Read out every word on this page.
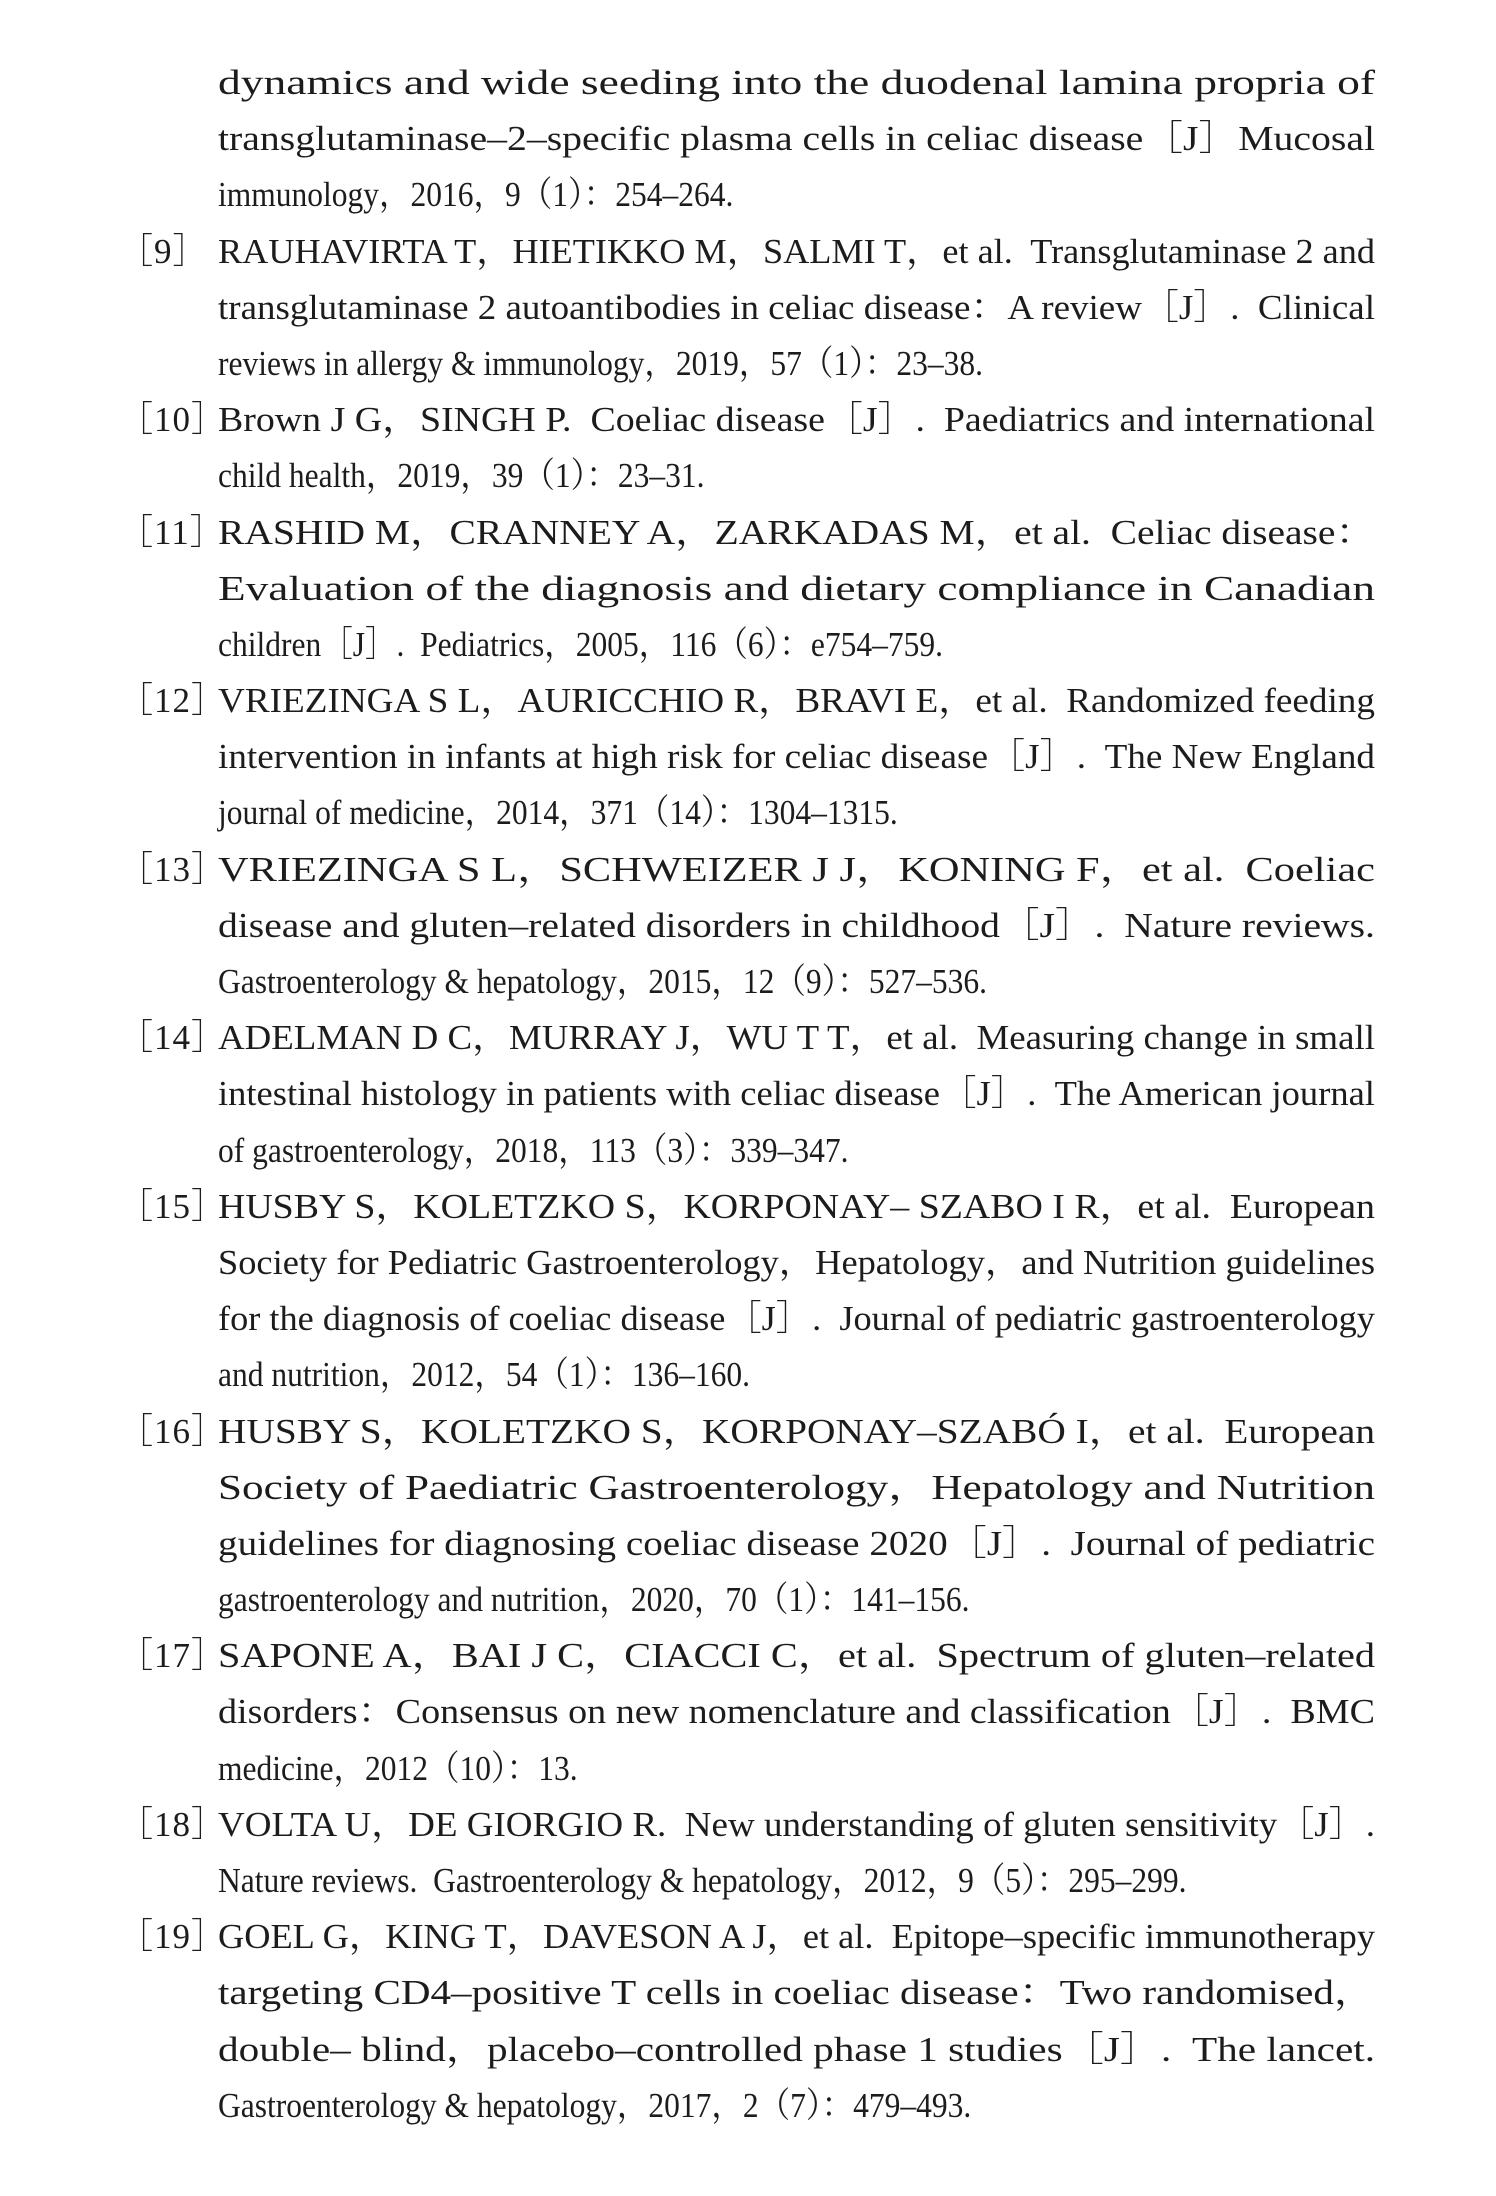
dynamics and wide seeding into the duodenal lamina propria of
transglutaminase–2–specific plasma cells in celiac disease［J］Mucosal
immunology，2016，9（1）：254–264.
［9］ RAUHAVIRTA T，HIETIKKO M，SALMI T，et al.  Transglutaminase 2 and
transglutaminase 2 autoantibodies in celiac disease：A review［J］.  Clinical
reviews in allergy & immunology，2019，57（1）：23–38.
［10］
Brown J G，SINGH P.  Coeliac disease［J］.  Paediatrics and international
child health，2019，39（1）：23–31.
［11］
RASHID M，CRANNEY A，ZARKADAS M，et al.  Celiac disease：
Evaluation of the diagnosis and dietary compliance in Canadian
children［J］.  Pediatrics，2005，116（6）：e754–759.
［12］
VRIEZINGA S L，AURICCHIO R，BRAVI E，et al.  Randomized feeding
intervention in infants at high risk for celiac disease［J］.  The New England
journal of medicine，2014，371（14）：1304–1315.
［13］
VRIEZINGA S L，SCHWEIZER J J，KONING F，et al.  Coeliac
disease and gluten–related disorders in childhood［J］.  Nature reviews.
Gastroenterology & hepatology，2015，12（9）：527–536.
［14］
ADELMAN D C，MURRAY J，WU T T，et al.  Measuring change in small
intestinal histology in patients with celiac disease［J］.  The American journal
of gastroenterology，2018，113（3）：339–347.
［15］
HUSBY S，KOLETZKO S，KORPONAY– SZABO I R，et al.  European
Society for Pediatric Gastroenterology，Hepatology，and Nutrition guidelines
for the diagnosis of coeliac disease［J］.  Journal of pediatric gastroenterology
and nutrition，2012，54（1）：136–160.
［16］
HUSBY S，KOLETZKO S，KORPONAY–SZABÓ I，et al.  European
Society of Paediatric Gastroenterology，Hepatology and Nutrition
guidelines for diagnosing coeliac disease 2020［J］.  Journal of pediatric
gastroenterology and nutrition，2020，70（1）：141–156.
［17］
SAPONE A，BAI J C，CIACCI C，et al.  Spectrum of gluten–related
disorders：Consensus on new nomenclature and classification［J］.  BMC
medicine，2012（10）：13.
［18］
VOLTA U，DE GIORGIO R.  New understanding of gluten sensitivity［J］.
Nature reviews.  Gastroenterology & hepatology，2012，9（5）：295–299.
［19］
GOEL G，KING T，DAVESON A J，et al.  Epitope–specific immunotherapy
targeting CD4–positive T cells in coeliac disease：Two randomised，
double– blind，placebo–controlled phase 1 studies［J］.  The lancet.
Gastroenterology & hepatology，2017，2（7）：479–493.
